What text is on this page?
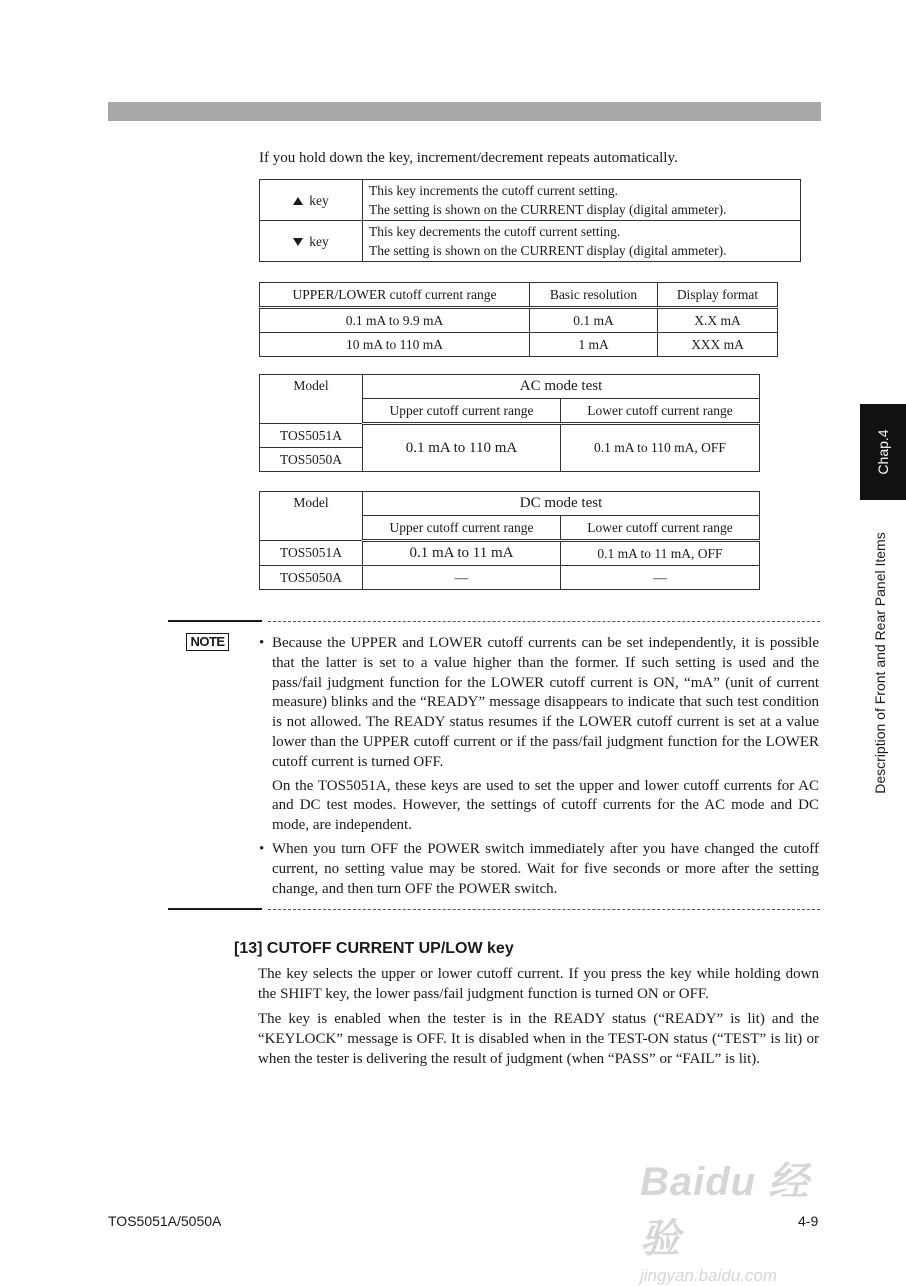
If you hold down the key, increment/decrement repeats automatically.
key	This key increments the cutoff current setting.
The setting is shown on the CURRENT display (digital ammeter).

key	This key decrements the cutoff current setting.
The setting is shown on the CURRENT display (digital ammeter).
UPPER/LOWER cutoff current range	Basic resolution	Display format
0.1 mA to 9.9 mA	0.1 mA	X.X mA
10 mA to 110 mA	1 mA	XXX mA
Model	AC mode test	
	Upper cutoff current range	Lower cutoff current range
TOS5051A	0.1 mA to 110 mA	0.1 mA to 110 mA, OFF
TOS5050A		
Model	DC mode test	
	Upper cutoff current range	Lower cutoff current range
TOS5051A	0.1 mA to 11 mA	0.1 mA to 11 mA, OFF
TOS5050A	—	—
NOTE	• Because the UPPER and LOWER cutoff currents can be set independently, it is possible that the latter is set to a value higher than the former. If such setting is used and the pass/fail judgment function for the LOWER cutoff current is ON, “mA” (unit of current measure) blinks and the “READY” message disappears to indicate that such test condition is not allowed. The READY status resumes if the LOWER cutoff current is set at a value lower than the UPPER cutoff current or if the pass/fail judgment function for the LOWER cutoff current is turned OFF.
On the TOS5051A, these keys are used to set the upper and lower cutoff currents for AC and DC test modes. However, the settings of cutoff currents for the AC mode and DC mode, are independent.
• When you turn OFF the POWER switch immediately after you have changed the cutoff current, no setting value may be stored. Wait for five seconds or more after the setting change, and then turn OFF the POWER switch.
[13] CUTOFF CURRENT UP/LOW key

The key selects the upper or lower cutoff current. If you press the key while holding down the SHIFT key, the lower pass/fail judgment function is turned ON or OFF.

The key is enabled when the tester is in the READY status (“READY” is lit) and the “KEYLOCK” message is OFF. It is disabled when in the TEST-ON status (“TEST” is lit) or when the tester is delivering the result of judgment (when “PASS” or “FAIL” is lit).

Chap.4
Description of Front and Rear Panel Items
TOS5051A/5050A	4-9
Baidu 经验
jingyan.baidu.com
